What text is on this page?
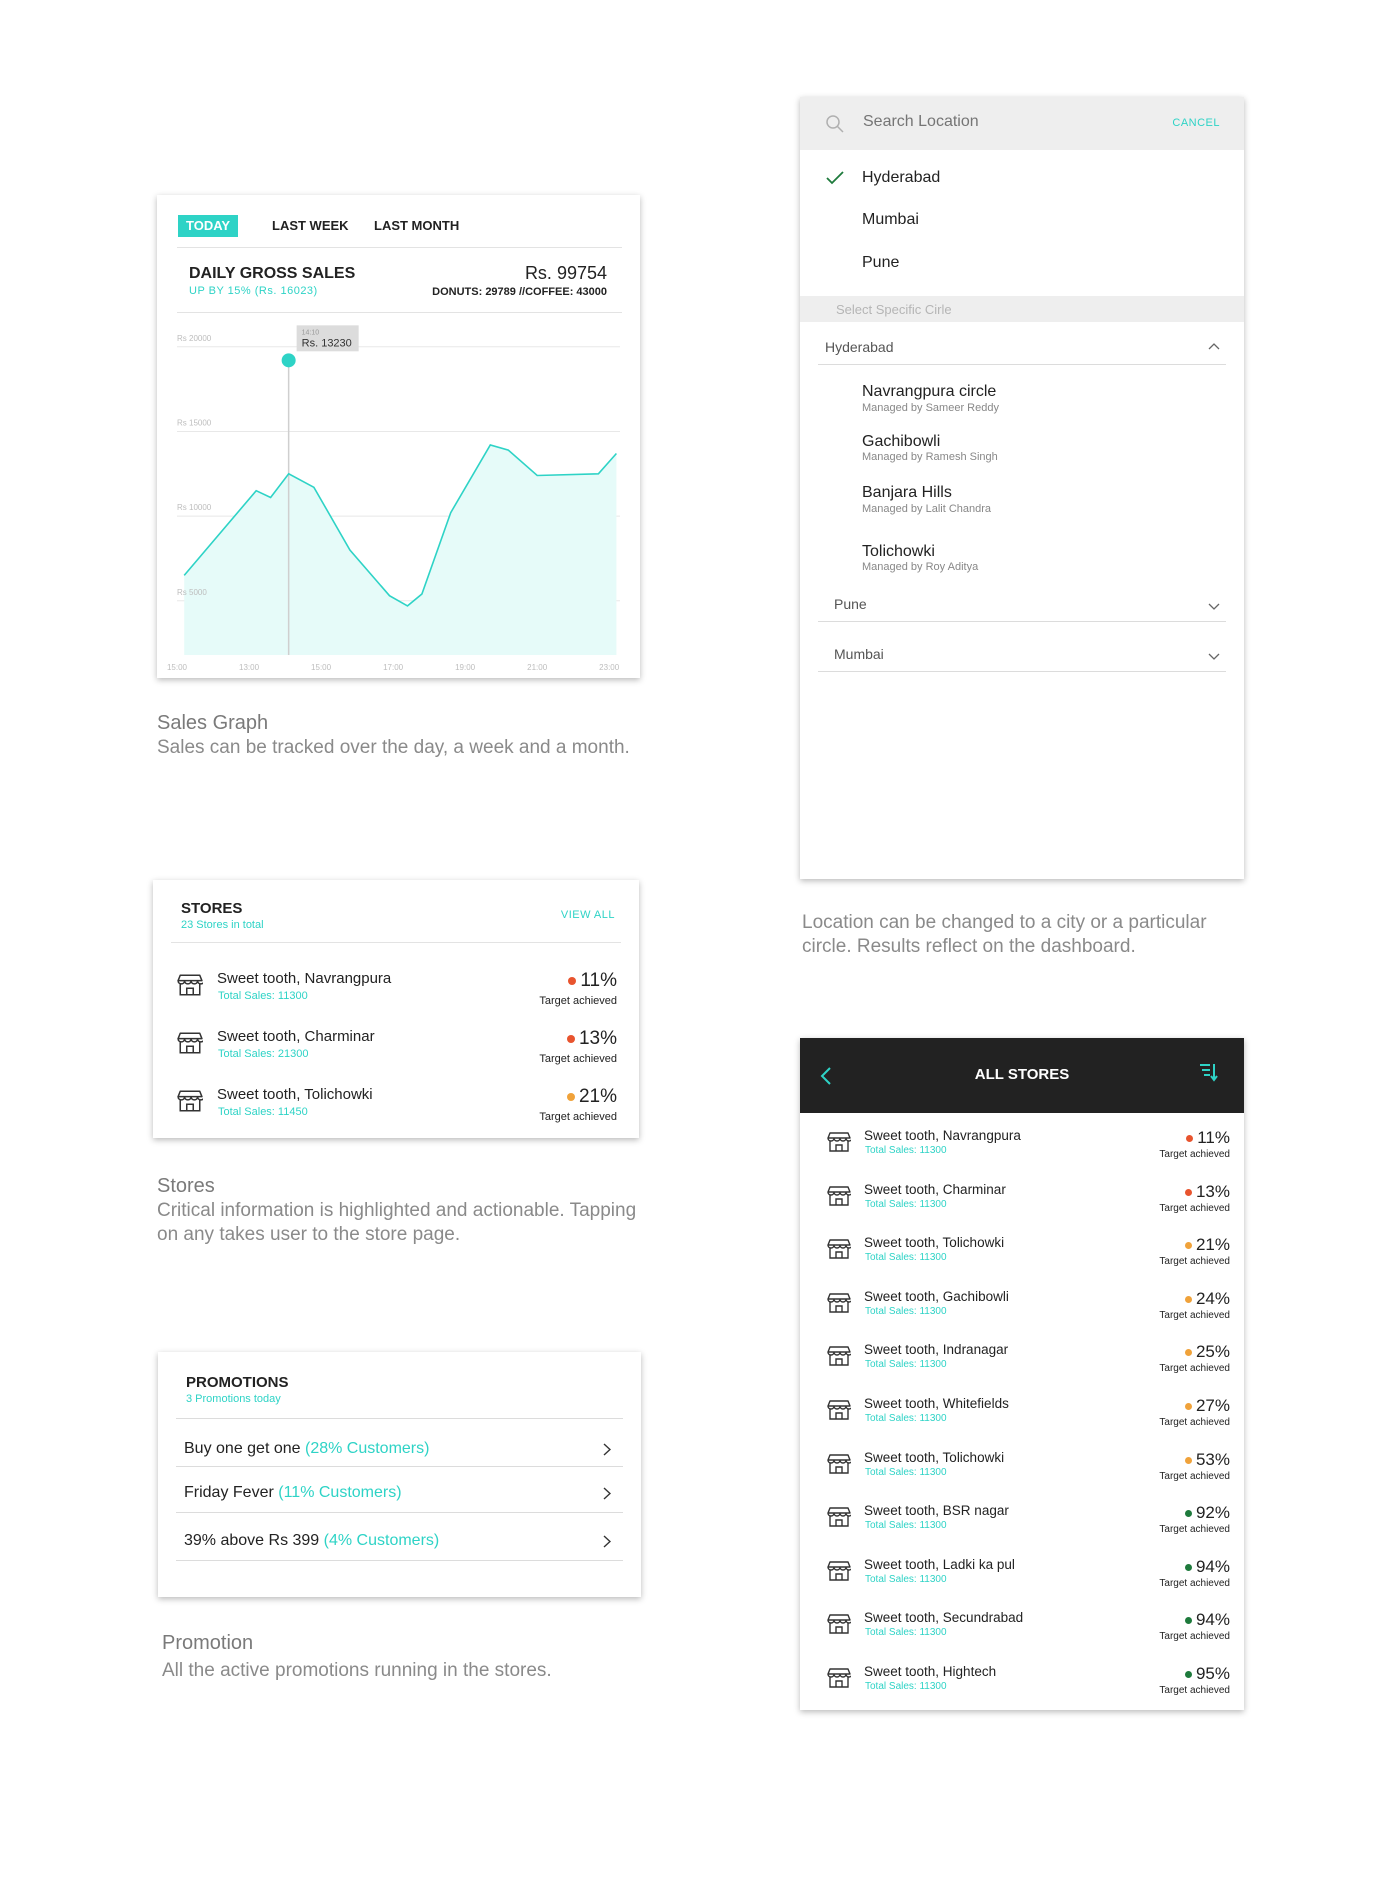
TODAY	LAST WEEK LAST MONTH
DAILY GROSS SALES
UP BY 15% (Rs. 16023)
Rs. 99754
DONUTS: 29789 //COFFEE: 43000
14:10
Rs. 13230
Rs 20000
Rs 15000
Rs 10000
Rs 5000
15:00	13:00	15:00	17:00	19:00	21:00	23:00
Sales Graph
Sales can be tracked over the day, a week and a month.
Search Location
CANCEL
Hyderabad
Mumbai
Pune
Select Specific Cirle
Hyderabad
Navrangpura circle
Managed by Sameer Reddy
Gachibowli
Managed by Ramesh Singh
Banjara Hills
Managed by Lalit Chandra
Tolichowki
Managed by Roy Aditya
Pune
Mumbai
Location can be changed to a city or a particular circle. Results reflect on the dashboard.
STORES
23 Stores in total
VIEW ALL
Sweet tooth, Navrangpura
Total Sales: 11300
11%
Target achieved
Sweet tooth, Charminar
Total Sales: 21300
13%
Target achieved
Sweet tooth, Tolichowki
Total Sales: 11450
21%
Target achieved
Stores
Critical information is highlighted and actionable. Tapping on any takes user to the store page.
PROMOTIONS
3 Promotions today
Buy one get one (28% Customers)
Friday Fever (11% Customers)
39% above Rs 399 (4% Customers)
Promotion
All the active promotions running in the stores.
ALL STORES
Sweet tooth, Navrangpura
Total Sales: 11300
11%
Target achieved
Sweet tooth, Charminar
Total Sales: 11300
13%
Target achieved
Sweet tooth, Tolichowki
Total Sales: 11300
21%
Target achieved
Sweet tooth, Gachibowli
Total Sales: 11300
24%
Target achieved
Sweet tooth, Indranagar
Total Sales: 11300
25%
Target achieved
Sweet tooth, Whitefields
Total Sales: 11300
27%
Target achieved
Sweet tooth, Tolichowki
Total Sales: 11300
53%
Target achieved
Sweet tooth, BSR nagar
Total Sales: 11300
92%
Target achieved
Sweet tooth, Ladki ka pul
Total Sales: 11300
94%
Target achieved
Sweet tooth, Secundrabad
Total Sales: 11300
94%
Target achieved
Sweet tooth, Hightech
Total Sales: 11300
95%
Target achieved
